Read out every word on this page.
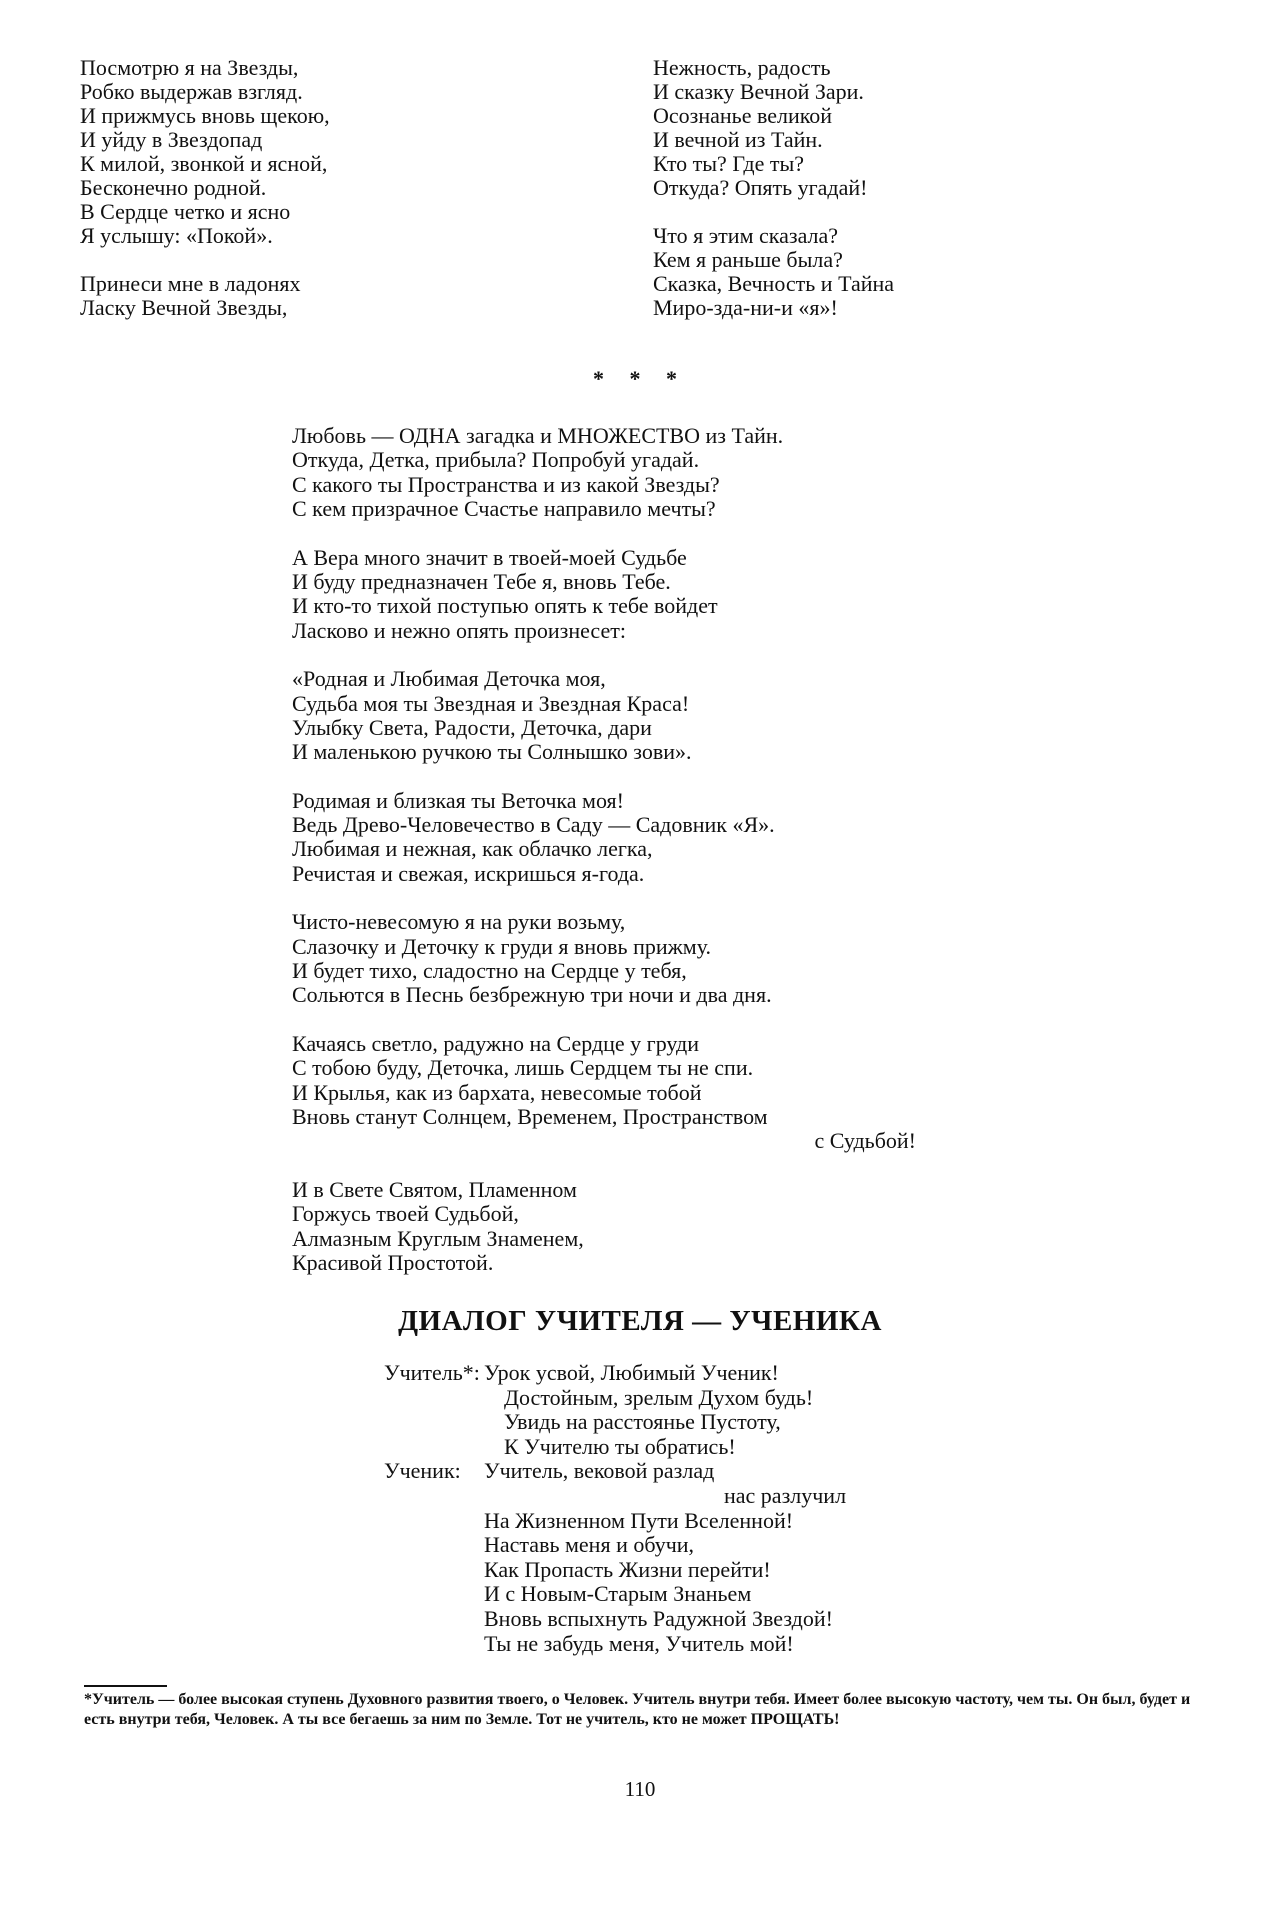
Посмотрю я на Звезды,
Робко выдержав взгляд.
И прижмусь вновь щекою,
И уйду в Звездопад
К милой, звонкой и ясной,
Бесконечно родной.
В Сердце четко и ясно
Я услышу: «Покой».
Принеси мне в ладонях
Ласку Вечной Звезды,
Нежность, радость
И сказку Вечной Зари.
Осознанье великой
И вечной из Тайн.
Кто ты? Где ты?
Откуда? Опять угадай!
Что я этим сказала?
Кем я раньше была?
Сказка, Вечность и Тайна
Миро-зда-ни-и «я»!
* * *
Любовь — ОДНА загадка и МНОЖЕСТВО из Тайн.
Откуда, Детка, прибыла? Попробуй угадай.
С какого ты Пространства и из какой Звезды?
С кем призрачное Счастье направило мечты?
А Вера много значит в твоей-моей Судьбе
И буду предназначен Тебе я, вновь Тебе.
И кто-то тихой поступью опять к тебе войдет
Ласково и нежно опять произнесет:
«Родная и Любимая Деточка моя,
Судьба моя ты Звездная и Звездная Краса!
Улыбку Света, Радости, Деточка, дари
И маленькою ручкою ты Солнышко зови».
Родимая и близкая ты Веточка моя!
Ведь Древо-Человечество в Саду — Садовник «Я».
Любимая и нежная, как облачко легка,
Речистая и свежая, искришься я-года.
Чисто-невесомую я на руки возьму,
Слазочку и Деточку к груди я вновь прижму.
И будет тихо, сладостно на Сердце у тебя,
Сольются в Песнь безбрежную три ночи и два дня.
Качаясь светло, радужно на Сердце у груди
С тобою буду, Деточка, лишь Сердцем ты не спи.
И Крылья, как из бархата, невесомые тобой
Вновь станут Солнцем, Временем, Пространством
с Судьбой!
И в Свете Святом, Пламенном
Горжусь твоей Судьбой,
Алмазным Круглым Знаменем,
Красивой Простотой.
ДИАЛОГ УЧИТЕЛЯ — УЧЕНИКА
Учитель*: Урок усвой, Любимый Ученик!
Достойным, зрелым Духом будь!
Увидь на расстоянье Пустоту,
К Учителю ты обратись!
Ученик:	Учитель, вековой разлад
нас разлучил
На Жизненном Пути Вселенной!
Наставь меня и обучи,
Как Пропасть Жизни перейти!
И с Новым-Старым Знаньем
Вновь вспыхнуть Радужной Звездой!
Ты не забудь меня, Учитель мой!
*Учитель — более высокая ступень Духовного развития твоего, о Человек. Учитель внутри тебя. Имеет более высокую частоту, чем ты. Он был, будет и есть внутри тебя, Человек. А ты все бегаешь за ним по Земле. Тот не учитель, кто не может ПРОЩАТЬ!
110
